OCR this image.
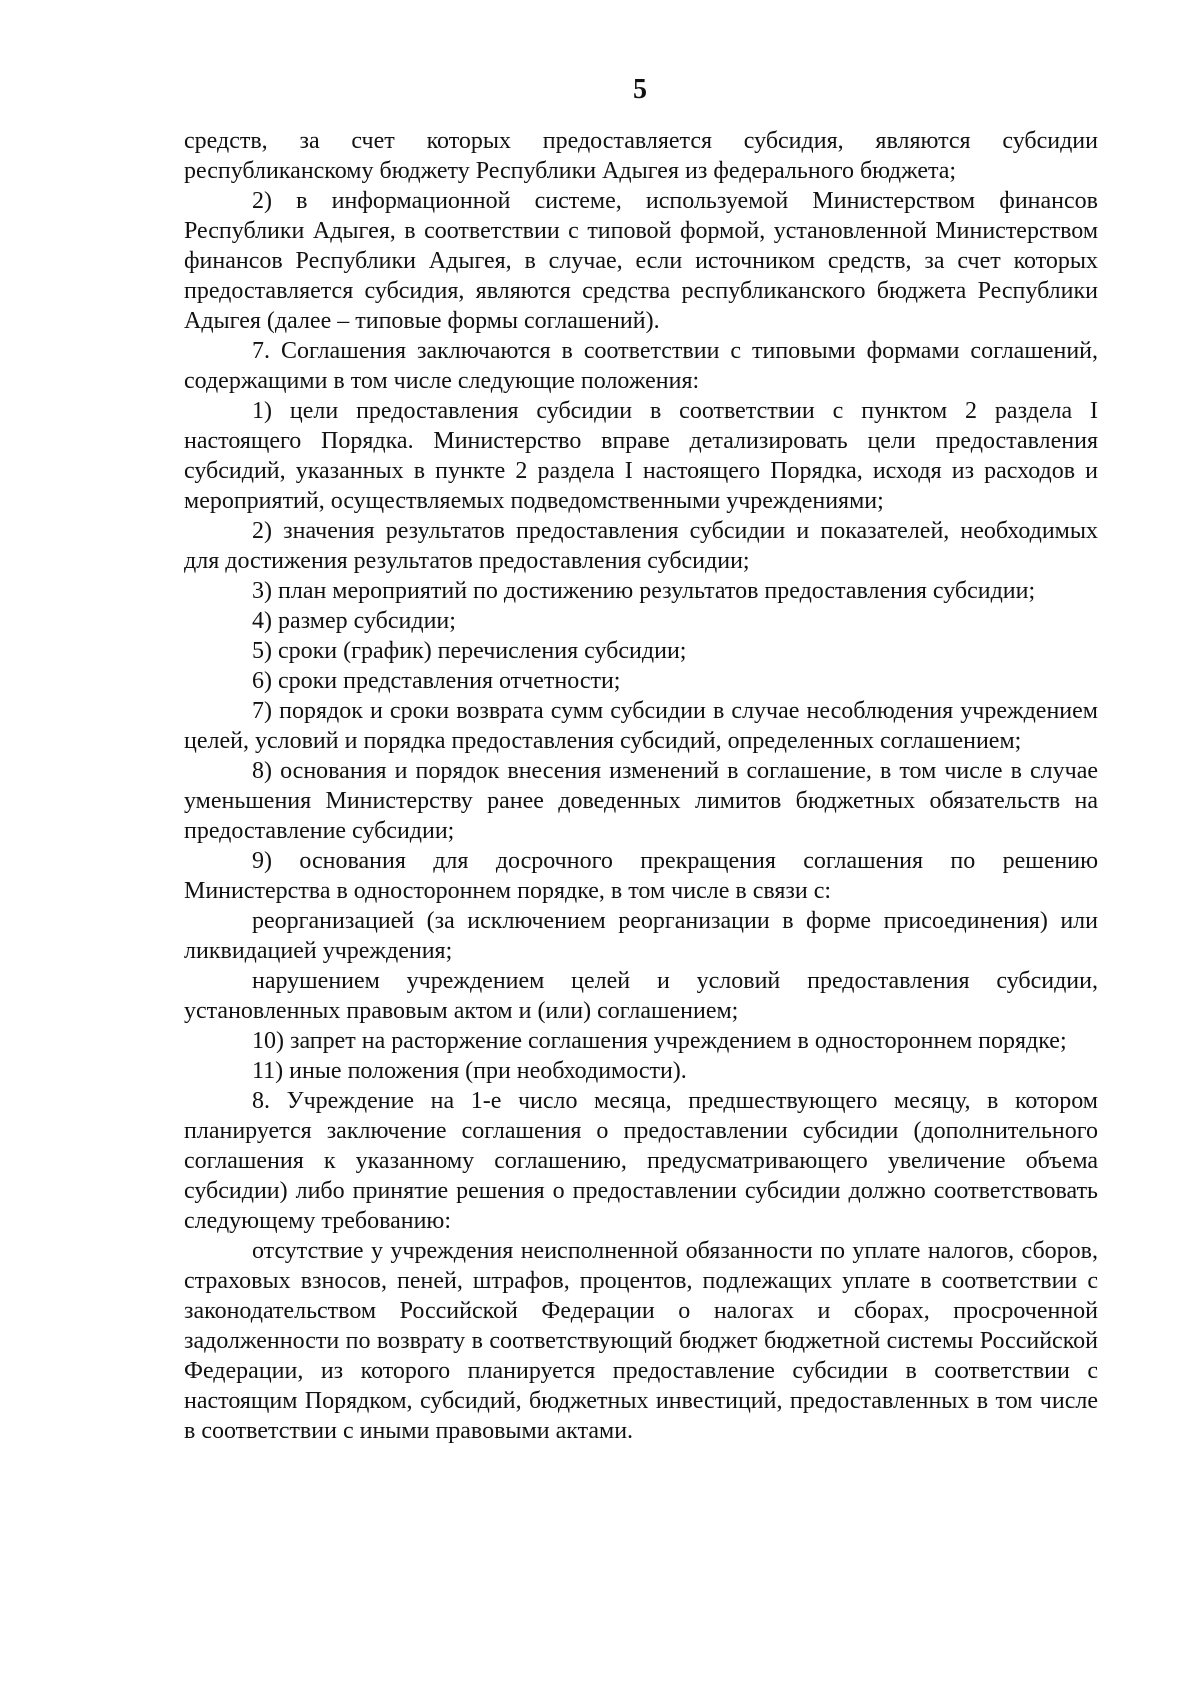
5

средств, за счет которых предоставляется субсидия, являются субсидии республиканскому бюджету Республики Адыгея из федерального бюджета;

2) в информационной системе, используемой Министерством финансов Республики Адыгея, в соответствии с типовой формой, установленной Министерством финансов Республики Адыгея, в случае, если источником средств, за счет которых предоставляется субсидия, являются средства республиканского бюджета Республики Адыгея (далее – типовые формы соглашений).

7. Соглашения заключаются в соответствии с типовыми формами соглашений, содержащими в том числе следующие положения:

1) цели предоставления субсидии в соответствии с пунктом 2 раздела I настоящего Порядка. Министерство вправе детализировать цели предоставления субсидий, указанных в пункте 2 раздела I настоящего Порядка, исходя из расходов и мероприятий, осуществляемых подведомственными учреждениями;

2) значения результатов предоставления субсидии и показателей, необходимых для достижения результатов предоставления субсидии;

3) план мероприятий по достижению результатов предоставления субсидии;

4) размер субсидии;

5) сроки (график) перечисления субсидии;

6) сроки представления отчетности;

7) порядок и сроки возврата сумм субсидии в случае несоблюдения учреждением целей, условий и порядка предоставления субсидий, определенных соглашением;

8) основания и порядок внесения изменений в соглашение, в том числе в случае уменьшения Министерству ранее доведенных лимитов бюджетных обязательств на предоставление субсидии;

9) основания для досрочного прекращения соглашения по решению Министерства в одностороннем порядке, в том числе в связи с:

реорганизацией (за исключением реорганизации в форме присоединения) или ликвидацией учреждения;

нарушением учреждением целей и условий предоставления субсидии, установленных правовым актом и (или) соглашением;

10) запрет на расторжение соглашения учреждением в одностороннем порядке;

11) иные положения (при необходимости).

8. Учреждение на 1-е число месяца, предшествующего месяцу, в котором планируется заключение соглашения о предоставлении субсидии (дополнительного соглашения к указанному соглашению, предусматривающего увеличение объема субсидии) либо принятие решения о предоставлении субсидии должно соответствовать следующему требованию:

отсутствие у учреждения неисполненной обязанности по уплате налогов, сборов, страховых взносов, пеней, штрафов, процентов, подлежащих уплате в соответствии с законодательством Российской Федерации о налогах и сборах, просроченной задолженности по возврату в соответствующий бюджет бюджетной системы Российской Федерации, из которого планируется предоставление субсидии в соответствии с настоящим Порядком, субсидий, бюджетных инвестиций, предоставленных в том числе в соответствии с иными правовыми актами.
